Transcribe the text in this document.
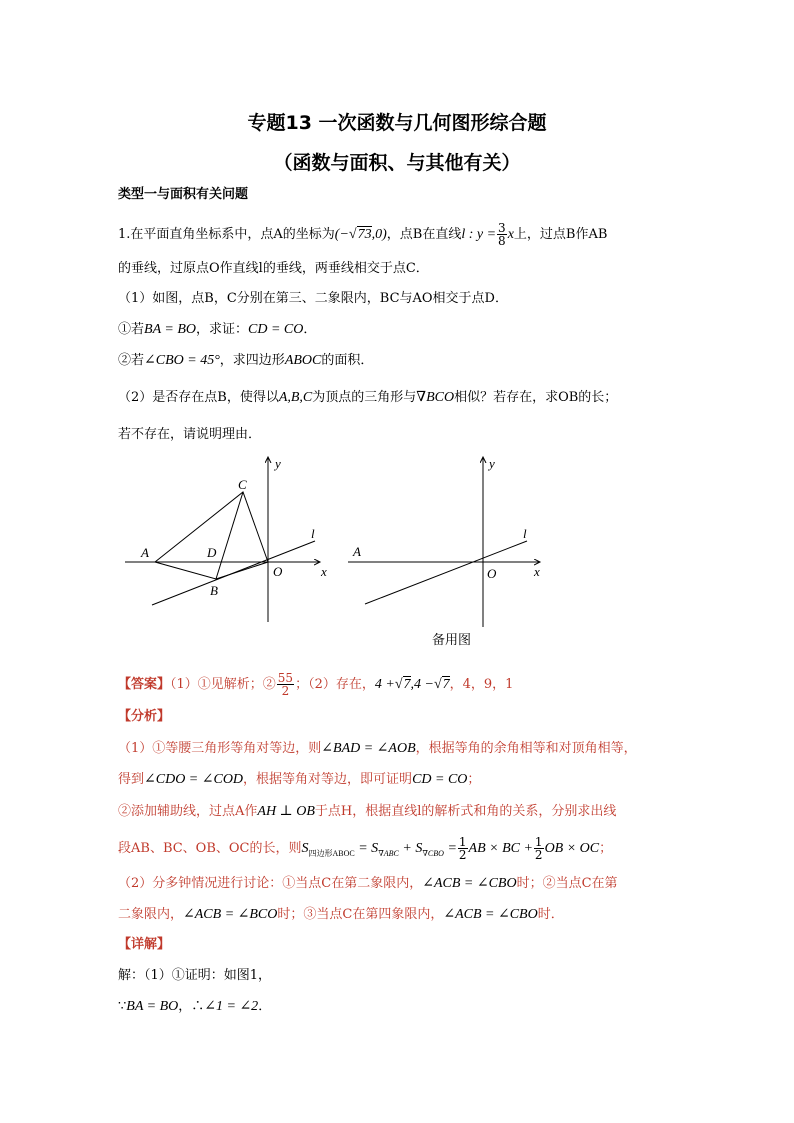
专题13 一次函数与几何图形综合题
（函数与面积、与其他有关）
类型一与面积有关问题
1.在平面直角坐标系中，点A的坐标为(−√73,0)，点B在直线l : $y = \frac{3}{8}$ x上，过点B作AB
的垂线，过原点O作直线l的垂线，两垂线相交于点C．
（1）如图，点B，C分别在第三、二象限内，BC与AO相交于点D．
①若BA = BO，求证：CD = CO．
②若∠CBO = 45°，求四边形ABOC的面积．
（2）是否存在点B，使得以A,B,C为顶点的三角形与∇BCO相似？若存在，求OB的长；
若不存在，请说明理由．
y
x
l
A
C
D
B
O
y
x
l
A
O
备用图
【答案】（1）①见解析；② $\frac{55}{2}$ ；（2）存在，4 +√7,4 −√7，4，9，1
【分析】
（1）①等腰三角形等角对等边，则∠BAD = ∠AOB，根据等角的余角相等和对顶角相等，
得到∠CDO = ∠COD，根据等角对等边，即可证明CD = CO；
②添加辅助线，过点A作AH ⊥ OB于点H，根据直线l的解析式和角的关系，分别求出线
段AB、BC、OB、OC的长，则$S_{四边形ABOC} = S_{\nabla ABC} + S_{\nabla CBO} = \frac{1}{2}$ AB × BC + $\frac{1}{2}$ OB × OC；
（2）分多钟情况进行讨论：①当点C在第二象限内，∠ACB = ∠CBO时；②当点C在第
二象限内，∠ACB = ∠BCO时；③当点C在第四象限内，∠ACB = ∠CBO时．
【详解】
解：（1）①证明：如图1，
∵BA = BO，∴∠1 = ∠2．
